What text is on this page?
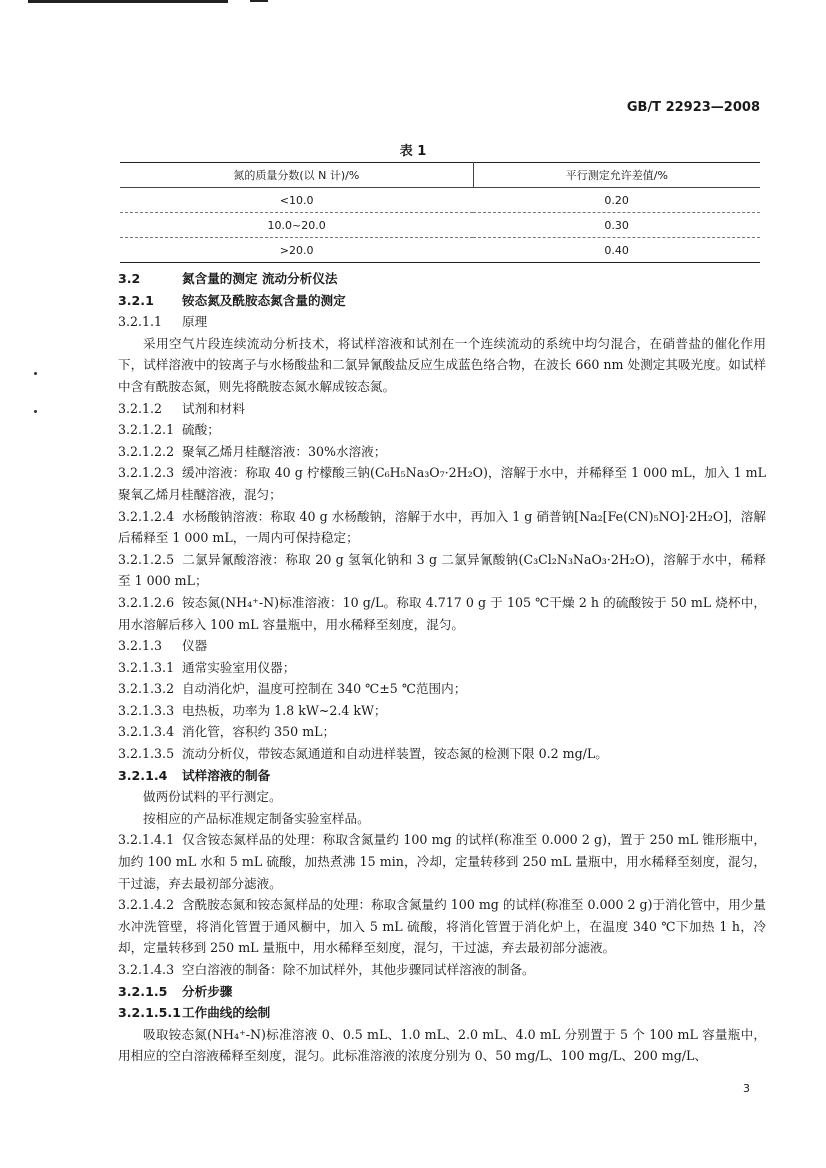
GB/T 22923—2008
表 1
氮的质量分数(以 N 计)/%	平行测定允许差值/%
<10.0	0.20
10.0~20.0	0.30
>20.0	0.40
3.2	氮含量的测定 流动分析仪法
3.2.1 铵态氮及酰胺态氮含量的测定
3.2.1.1 原理
采用空气片段连续流动分析技术，将试样溶液和试剂在一个连续流动的系统中均匀混合，在硝普盐的催化作用下，试样溶液中的铵离子与水杨酸盐和二氯异氰酸盐反应生成蓝色络合物，在波长 660 nm 处测定其吸光度。如试样中含有酰胺态氮，则先将酰胺态氮水解成铵态氮。
3.2.1.2 试剂和材料
3.2.1.2.1 硫酸；
3.2.1.2.2 聚氧乙烯月桂醚溶液：30%水溶液；
3.2.1.2.3 缓冲溶液：称取 40 g 柠檬酸三钠(C₆H₅Na₃O₇·2H₂O)，溶解于水中，并稀释至 1 000 mL，加入 1 mL 聚氧乙烯月桂醚溶液，混匀；
3.2.1.2.4 水杨酸钠溶液：称取 40 g 水杨酸钠，溶解于水中，再加入 1 g 硝普钠[Na₂[Fe(CN)₅NO]·2H₂O]，溶解后稀释至 1 000 mL，一周内可保持稳定；
3.2.1.2.5 二氯异氰酸溶液：称取 20 g 氢氧化钠和 3 g 二氯异氰酸钠(C₃Cl₂N₃NaO₃·2H₂O)，溶解于水中，稀释至 1 000 mL；
3.2.1.2.6 铵态氮(NH₄⁺-N)标准溶液：10 g/L。称取 4.717 0 g 于 105 ℃干燥 2 h 的硫酸铵于 50 mL 烧杯中，用水溶解后移入 100 mL 容量瓶中，用水稀释至刻度，混匀。
3.2.1.3 仪器
3.2.1.3.1 通常实验室用仪器；
3.2.1.3.2 自动消化炉，温度可控制在 340 ℃±5 ℃范围内；
3.2.1.3.3 电热板，功率为 1.8 kW~2.4 kW；
3.2.1.3.4 消化管，容积约 350 mL；
3.2.1.3.5 流动分析仪，带铵态氮通道和自动进样装置，铵态氮的检测下限 0.2 mg/L。
3.2.1.4 试样溶液的制备
做两份试料的平行测定。
按相应的产品标准规定制备实验室样品。
3.2.1.4.1 仅含铵态氮样品的处理：称取含氮量约 100 mg 的试样(称准至 0.000 2 g)，置于 250 mL 锥形瓶中，加约 100 mL 水和 5 mL 硫酸，加热煮沸 15 min，冷却，定量转移到 250 mL 量瓶中，用水稀释至刻度，混匀，干过滤，弃去最初部分滤液。
3.2.1.4.2 含酰胺态氮和铵态氮样品的处理：称取含氮量约 100 mg 的试样(称准至 0.000 2 g)于消化管中，用少量水冲洗管壁，将消化管置于通风橱中，加入 5 mL 硫酸，将消化管置于消化炉上，在温度 340 ℃下加热 1 h，冷却，定量转移到 250 mL 量瓶中，用水稀释至刻度，混匀，干过滤，弃去最初部分滤液。
3.2.1.4.3 空白溶液的制备：除不加试样外，其他步骤同试样溶液的制备。
3.2.1.5 分析步骤
3.2.1.5.1工作曲线的绘制
吸取铵态氮(NH₄⁺-N)标准溶液 0、0.5 mL、1.0 mL、2.0 mL、4.0 mL 分别置于 5 个 100 mL 容量瓶中，用相应的空白溶液稀释至刻度，混匀。此标准溶液的浓度分别为 0、50 mg/L、100 mg/L、200 mg/L、
3
